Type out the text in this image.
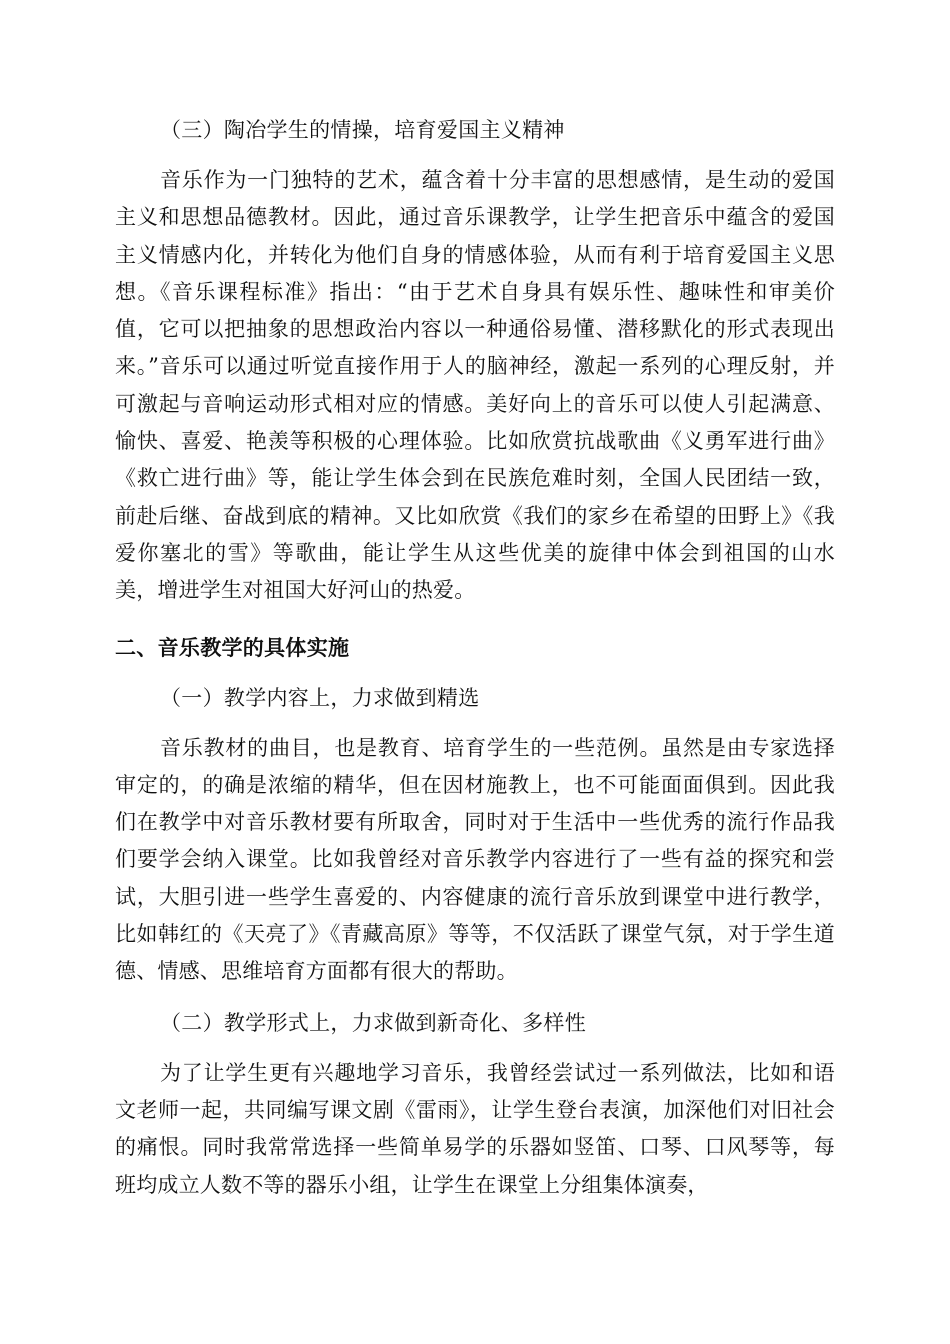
（三）陶冶学生的情操，培育爱国主义精神

音乐作为一门独特的艺术，蕴含着十分丰富的思想感情，是生动的爱国主义和思想品德教材。因此，通过音乐课教学，让学生把音乐中蕴含的爱国主义情感内化，并转化为他们自身的情感体验，从而有利于培育爱国主义思想。《音乐课程标准》指出：“由于艺术自身具有娱乐性、趣味性和审美价值，它可以把抽象的思想政治内容以一种通俗易懂、潜移默化的形式表现出来。”音乐可以通过听觉直接作用于人的脑神经，激起一系列的心理反射，并可激起与音响运动形式相对应的情感。美好向上的音乐可以使人引起满意、愉快、喜爱、艳羡等积极的心理体验。比如欣赏抗战歌曲《义勇军进行曲》《救亡进行曲》等，能让学生体会到在民族危难时刻，全国人民团结一致，前赴后继、奋战到底的精神。又比如欣赏《我们的家乡在希望的田野上》《我爱你塞北的雪》等歌曲，能让学生从这些优美的旋律中体会到祖国的山水美，增进学生对祖国大好河山的热爱。

二、音乐教学的具体实施

（一）教学内容上，力求做到精选

音乐教材的曲目，也是教育、培育学生的一些范例。虽然是由专家选择审定的，的确是浓缩的精华，但在因材施教上，也不可能面面俱到。因此我们在教学中对音乐教材要有所取舍，同时对于生活中一些优秀的流行作品我们要学会纳入课堂。比如我曾经对音乐教学内容进行了一些有益的探究和尝试，大胆引进一些学生喜爱的、内容健康的流行音乐放到课堂中进行教学，比如韩红的《天亮了》《青藏高原》等等，不仅活跃了课堂气氛，对于学生道德、情感、思维培育方面都有很大的帮助。

（二）教学形式上，力求做到新奇化、多样性

为了让学生更有兴趣地学习音乐，我曾经尝试过一系列做法，比如和语文老师一起，共同编写课文剧《雷雨》，让学生登台表演，加深他们对旧社会的痛恨。同时我常常选择一些简单易学的乐器如竖笛、口琴、口风琴等，每班均成立人数不等的器乐小组，让学生在课堂上分组集体演奏，
